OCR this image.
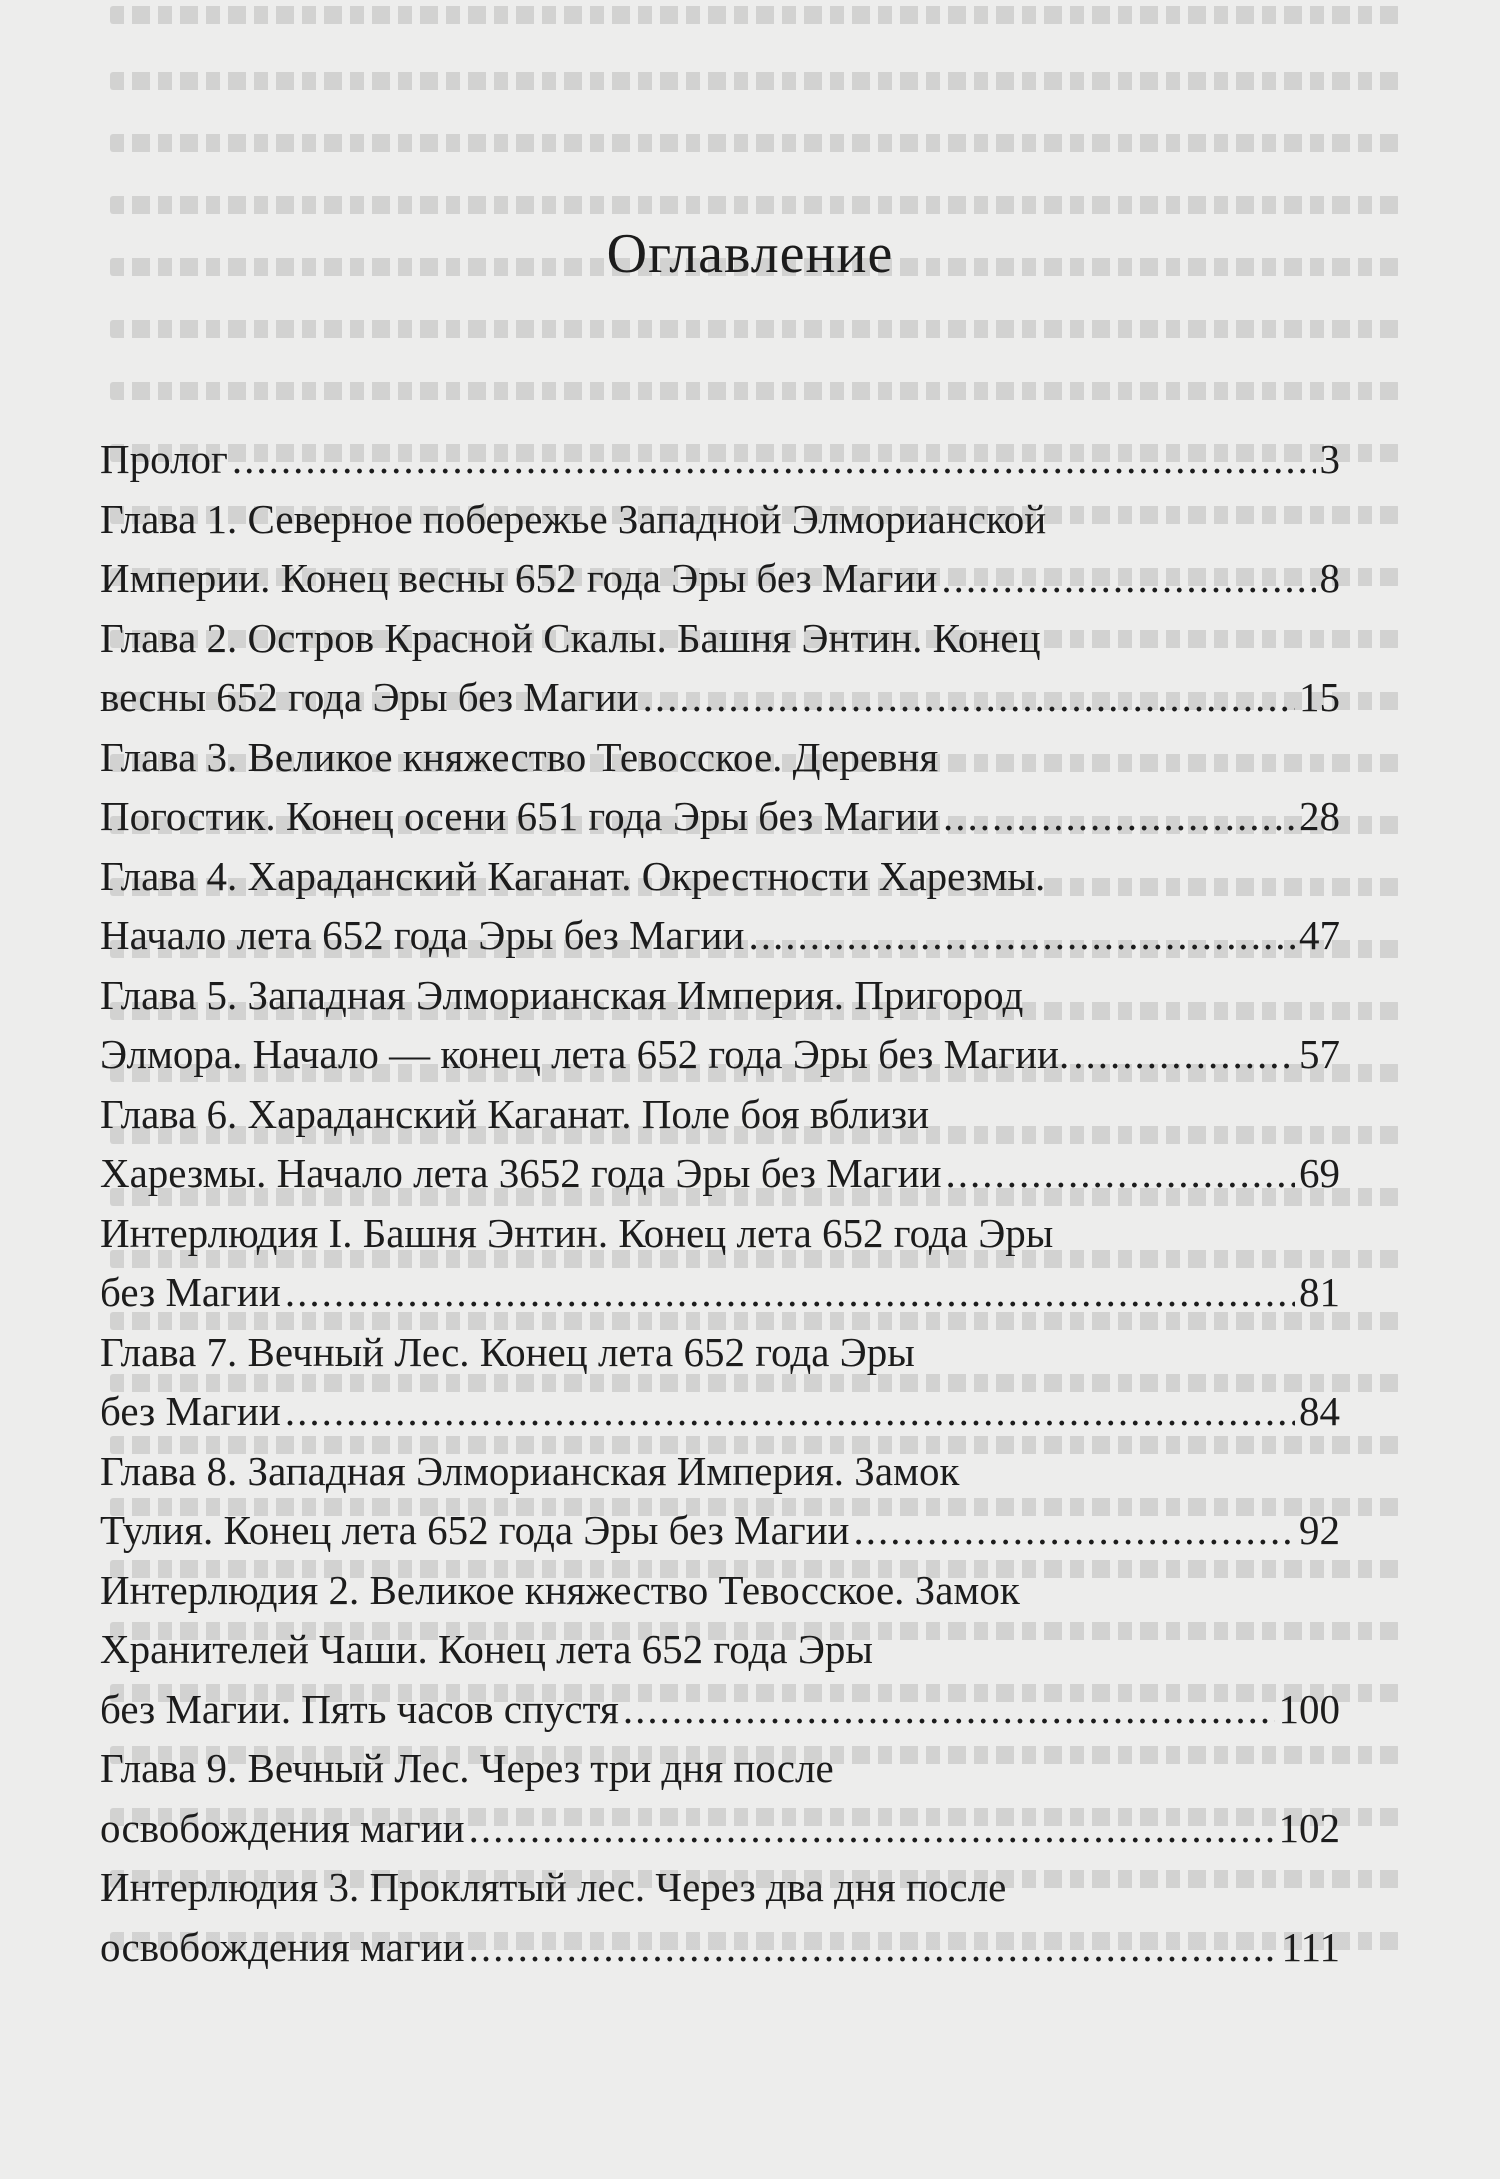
Оглавление
Пролог .....	3
Глава 1. Северное побережье Западной Элморианской
Империи. Конец весны 652 года Эры без Магии .....	8
Глава 2. Остров Красной Скалы. Башня Энтин. Конец
весны 652 года Эры без Магии .....	15
Глава 3. Великое княжество Тевосское. Деревня
Погостик. Конец осени 651 года Эры без Магии .....	28
Глава 4. Хараданский Каганат. Окрестности Харезмы.
Начало лета 652 года Эры без Магии .....	47
Глава 5. Западная Элморианская Империя. Пригород
Элмора. Начало — конец лета 652 года Эры без Магии. .....	57
Глава 6. Хараданский Каганат. Поле боя вблизи
Харезмы. Начало лета 3652 года Эры без Магии .....	69
Интерлюдия I. Башня Энтин. Конец лета 652 года Эры
без Магии .....	81
Глава 7. Вечный Лес. Конец лета 652 года Эры
без Магии .....	84
Глава 8. Западная Элморианская Империя. Замок
Тулия. Конец лета 652 года Эры без Магии .....	92
Интерлюдия 2. Великое княжество Тевосское. Замок
Хранителей Чаши. Конец лета 652 года Эры
без Магии. Пять часов спустя .....	100
Глава 9. Вечный Лес. Через три дня после
освобождения магии .....	102
Интерлюдия 3. Проклятый лес. Через два дня после
освобождения магии .....	111
